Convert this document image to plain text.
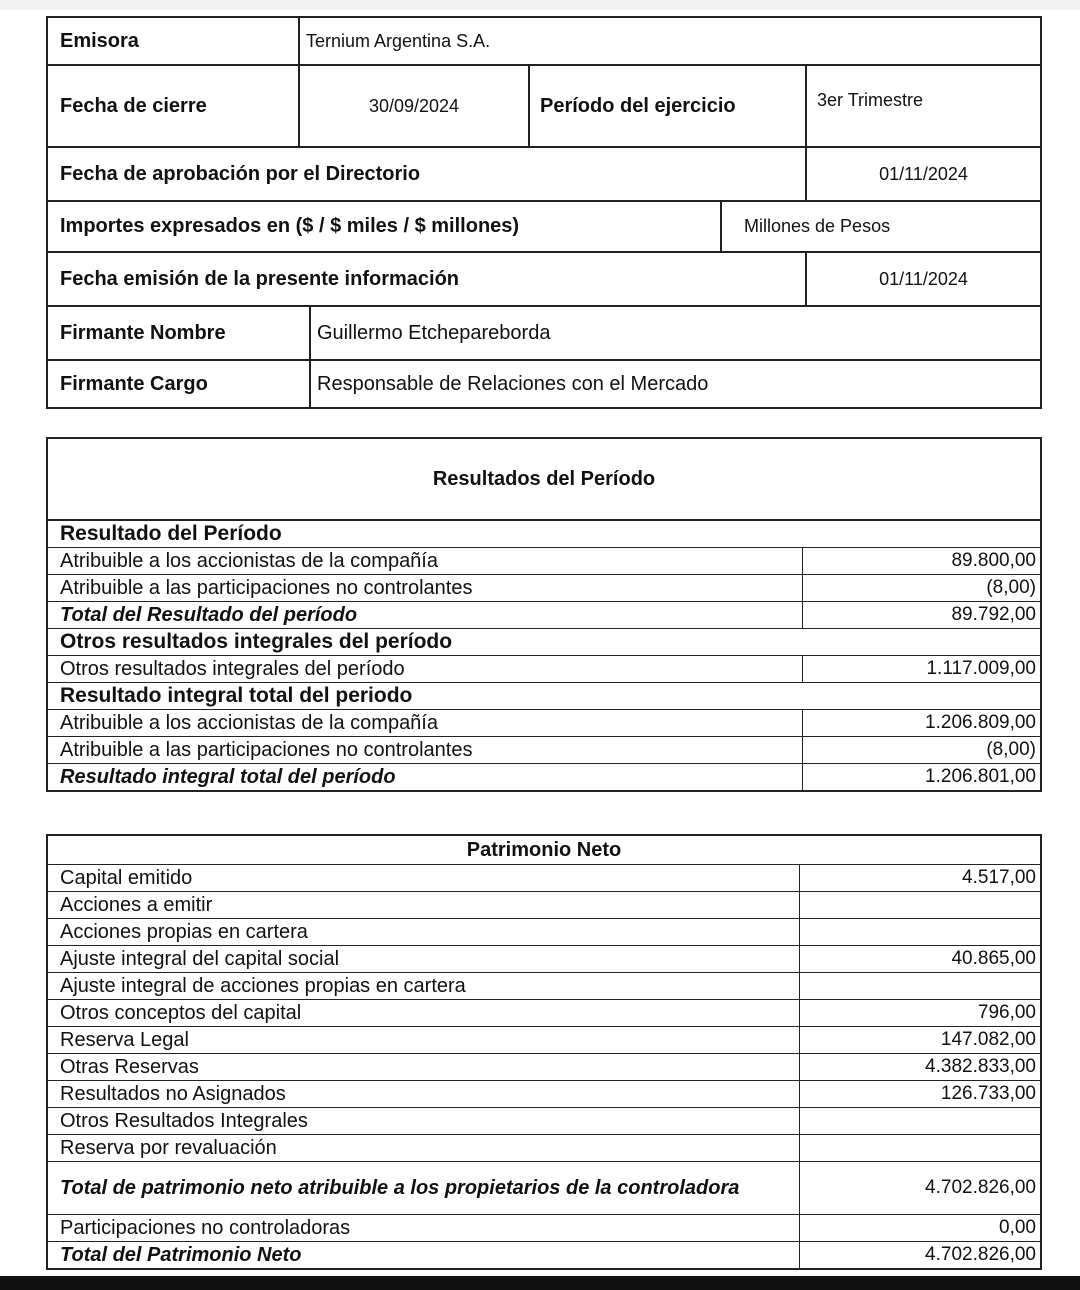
Emisora	Ternium Argentina S.A.
Fecha de cierre	30/09/2024	Período del ejercicio	3er Trimestre
Fecha de aprobación por el Directorio	01/11/2024
Importes expresados en ($ / $ miles / $ millones)	Millones de Pesos
Fecha emisión de la presente información	01/11/2024
Firmante Nombre	Guillermo Etchepareborda
Firmante Cargo	Responsable de Relaciones con el Mercado
Resultados del Período
Resultado del Período
Atribuible a los accionistas de la compañía	89.800,00
Atribuible a las participaciones no controlantes	(8,00)
Total del Resultado del período	89.792,00
Otros resultados integrales del período
Otros resultados integrales del período	1.117.009,00
Resultado integral total del periodo
Atribuible a los accionistas de la compañía	1.206.809,00
Atribuible a las participaciones no controlantes	(8,00)
Resultado integral total del período	1.206.801,00
Patrimonio Neto
Capital emitido	4.517,00
Acciones a emitir
Acciones propias en cartera
Ajuste integral del capital social	40.865,00
Ajuste integral de acciones propias en cartera
Otros conceptos del capital	796,00
Reserva Legal	147.082,00
Otras Reservas	4.382.833,00
Resultados no Asignados	126.733,00
Otros Resultados Integrales
Reserva por revaluación
Total de patrimonio neto atribuible a los propietarios de la controladora	4.702.826,00
Participaciones no controladoras	0,00
Total del Patrimonio Neto	4.702.826,00
